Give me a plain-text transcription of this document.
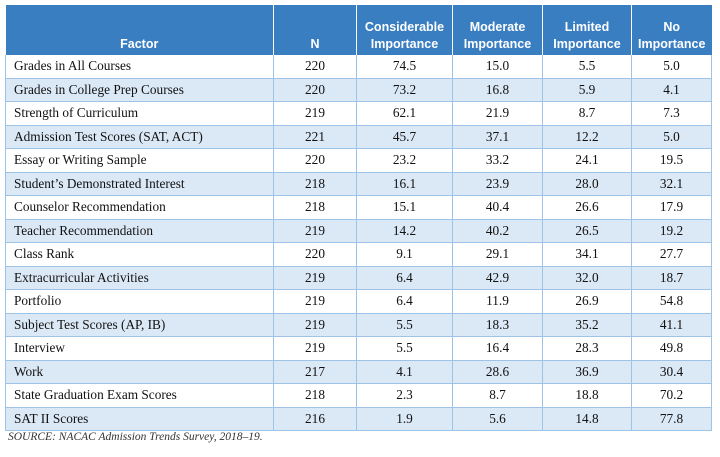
Factor	N	Considerable Importance	Moderate Importance	Limited Importance	No Importance
Grades in All Courses	220	74.5	15.0	5.5	5.0
Grades in College Prep Courses	220	73.2	16.8	5.9	4.1
Strength of Curriculum	219	62.1	21.9	8.7	7.3
Admission Test Scores (SAT, ACT)	221	45.7	37.1	12.2	5.0
Essay or Writing Sample	220	23.2	33.2	24.1	19.5
Student’s Demonstrated Interest	218	16.1	23.9	28.0	32.1
Counselor Recommendation	218	15.1	40.4	26.6	17.9
Teacher Recommendation	219	14.2	40.2	26.5	19.2
Class Rank	220	9.1	29.1	34.1	27.7
Extracurricular Activities	219	6.4	42.9	32.0	18.7
Portfolio	219	6.4	11.9	26.9	54.8
Subject Test Scores (AP, IB)	219	5.5	18.3	35.2	41.1
Interview	219	5.5	16.4	28.3	49.8
Work	217	4.1	28.6	36.9	30.4
State Graduation Exam Scores	218	2.3	8.7	18.8	70.2
SAT II Scores	216	1.9	5.6	14.8	77.8
SOURCE: NACAC Admission Trends Survey, 2018–19.
